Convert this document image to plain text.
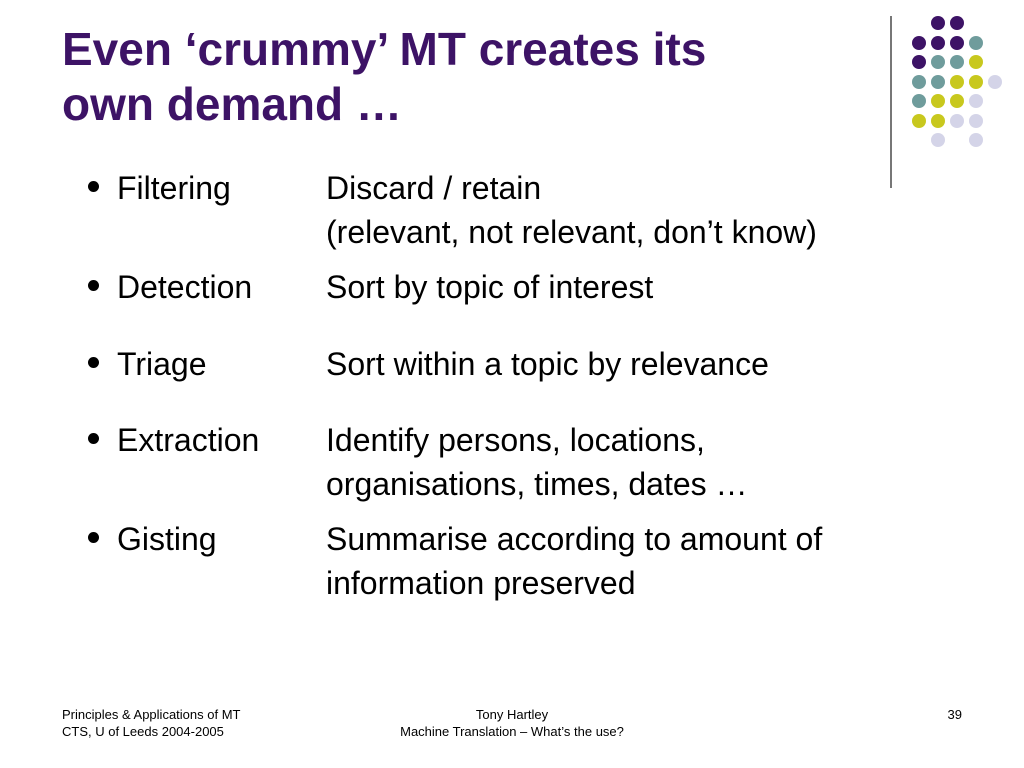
Even ‘crummy’ MT creates its
own demand …
Filtering	Discard / retain
(relevant, not relevant, don’t know)
Detection Sort by topic of interest
Triage	Sort within a topic by relevance
Extraction Identify persons, locations,
organisations, times, dates …
Gisting	Summarise according to amount of
information preserved
Principles & Applications of MT
CTS, U of Leeds 2004-2005
Tony Hartley
Machine Translation – What’s the use?
39
